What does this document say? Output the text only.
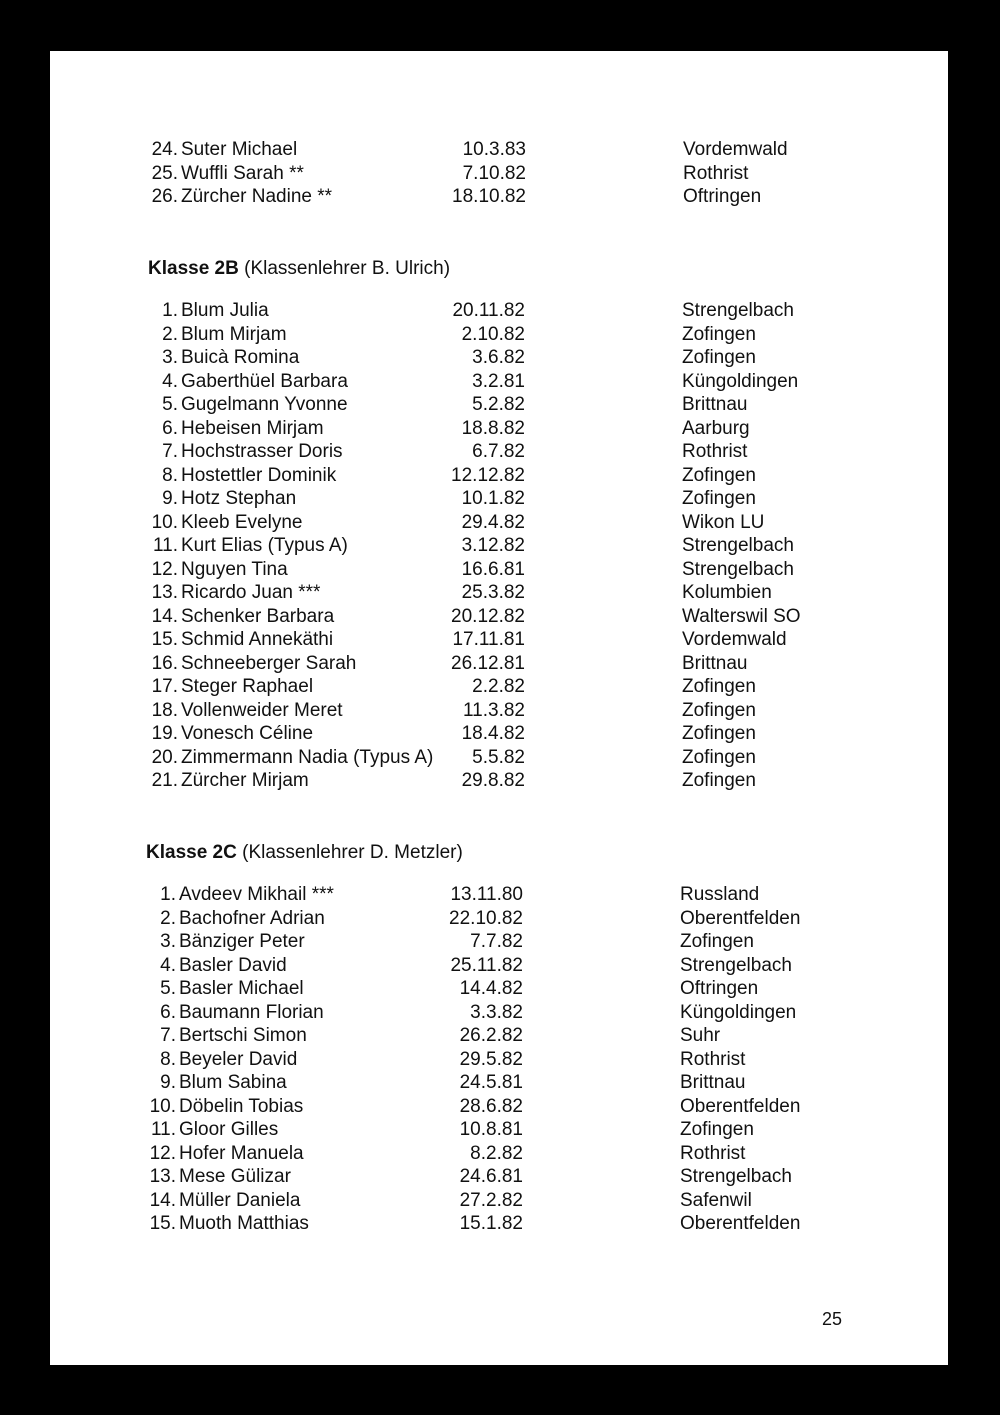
24. Suter Michael	10.3.83	Vordemwald
25. Wuffli Sarah **	7.10.82	Rothrist
26. Zürcher Nadine **	18.10.82	Oftringen
Klasse 2B (Klassenlehrer B. Ulrich)
1. Blum Julia	20.11.82	Strengelbach
2. Blum Mirjam	2.10.82	Zofingen
3. Buicà Romina	3.6.82	Zofingen
4. Gaberthüel Barbara	3.2.81	Küngoldingen
5. Gugelmann Yvonne	5.2.82	Brittnau
6. Hebeisen Mirjam	18.8.82	Aarburg
7. Hochstrasser Doris	6.7.82	Rothrist
8. Hostettler Dominik	12.12.82	Zofingen
9. Hotz Stephan	10.1.82	Zofingen
10. Kleeb Evelyne	29.4.82	Wikon LU
11. Kurt Elias (Typus A)	3.12.82	Strengelbach
12. Nguyen Tina	16.6.81	Strengelbach
13. Ricardo Juan ***	25.3.82	Kolumbien
14. Schenker Barbara	20.12.82	Walterswil SO
15. Schmid Annekäthi	17.11.81	Vordemwald
16. Schneeberger Sarah	26.12.81	Brittnau
17. Steger Raphael	2.2.82	Zofingen
18. Vollenweider Meret	11.3.82	Zofingen
19. Vonesch Céline	18.4.82	Zofingen
20. Zimmermann Nadia (Typus A)	5.5.82	Zofingen
21. Zürcher Mirjam	29.8.82	Zofingen
Klasse 2C (Klassenlehrer D. Metzler)
1. Avdeev Mikhail ***	13.11.80	Russland
2. Bachofner Adrian	22.10.82	Oberentfelden
3. Bänziger Peter	7.7.82	Zofingen
4. Basler David	25.11.82	Strengelbach
5. Basler Michael	14.4.82	Oftringen
6. Baumann Florian	3.3.82	Küngoldingen
7. Bertschi Simon	26.2.82	Suhr
8. Beyeler David	29.5.82	Rothrist
9. Blum Sabina	24.5.81	Brittnau
10. Döbelin Tobias	28.6.82	Oberentfelden
11. Gloor Gilles	10.8.81	Zofingen
12. Hofer Manuela	8.2.82	Rothrist
13. Mese Gülizar	24.6.81	Strengelbach
14. Müller Daniela	27.2.82	Safenwil
15. Muoth Matthias	15.1.82	Oberentfelden
25
